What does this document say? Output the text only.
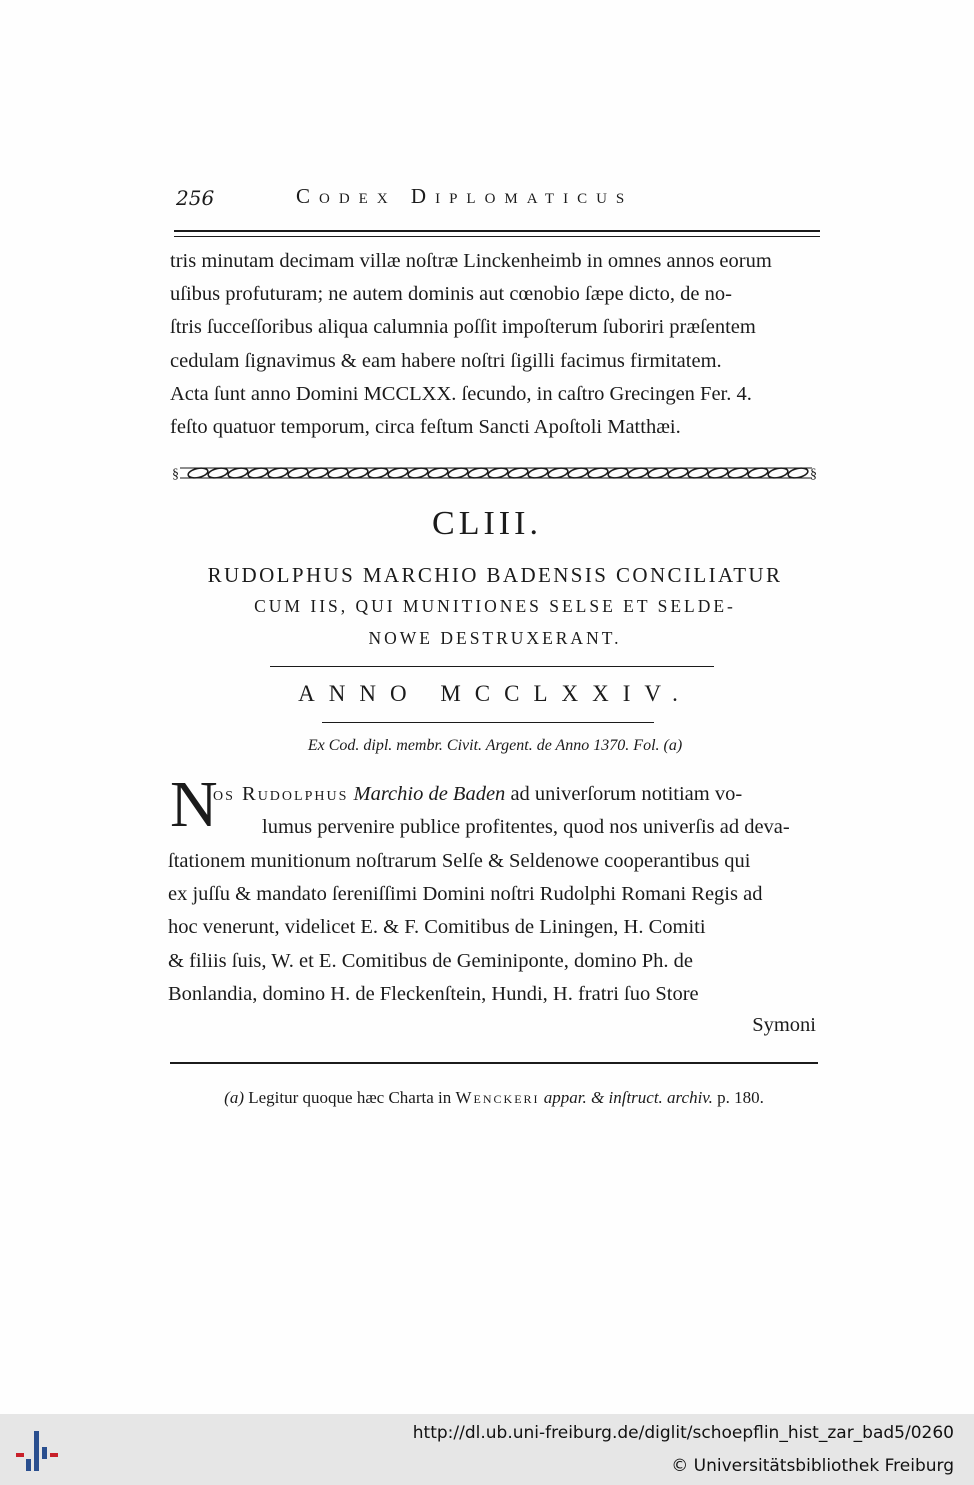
256	Codex Diplomaticus

tris minutam decimam villæ noſtræ Linckenheimb in omnes annos eorum

uſibus profuturam; ne autem dominis aut cœnobio ſæpe dicto, de no-

ſtris ſucceſſoribus aliqua calumnia poſſit impoſterum ſuboriri præſentem

cedulam ſignavimus & eam habere noſtri ſigilli facimus firmitatem.

Acta ſunt anno Domini MCCLXX. ſecundo, in caſtro Grecingen Fer. 4.

feſto quatuor temporum, circa feſtum Sancti Apoſtoli Matthæi.

§	§
CLIII.
RUDOLPHUS MARCHIO BADENSIS CONCILIATUR
CUM IIS, QUI MUNITIONES SELSE ET SELDE-
NOWE DESTRUXERANT.
ANNO MCCLXXIV.
Ex Cod. dipl. membr. Civit. Argent. de Anno 1370. Fol. (a)
N
os Rudolphus Marchio de Baden ad univerſorum notitiam vo-
lumus pervenire publice profitentes, quod nos univerſis ad deva-
ſtationem munitionum noſtrarum Selſe & Seldenowe cooperantibus qui
ex juſſu & mandato ſereniſſimi Domini noſtri Rudolphi Romani Regis ad
hoc venerunt, videlicet E. & F. Comitibus de Liningen, H. Comiti
& filiis ſuis, W. et E. Comitibus de Geminiponte, domino Ph. de
Bonlandia, domino H. de Fleckenſtein, Hundi, H. fratri ſuo Store
Symoni
(a) Legitur quoque hæc Charta in Wenckeri appar. & inſtruct. archiv. p. 180.
http://dl.ub.uni-freiburg.de/diglit/schoepflin_hist_zar_bad5/0260
© Universitätsbibliothek Freiburg
